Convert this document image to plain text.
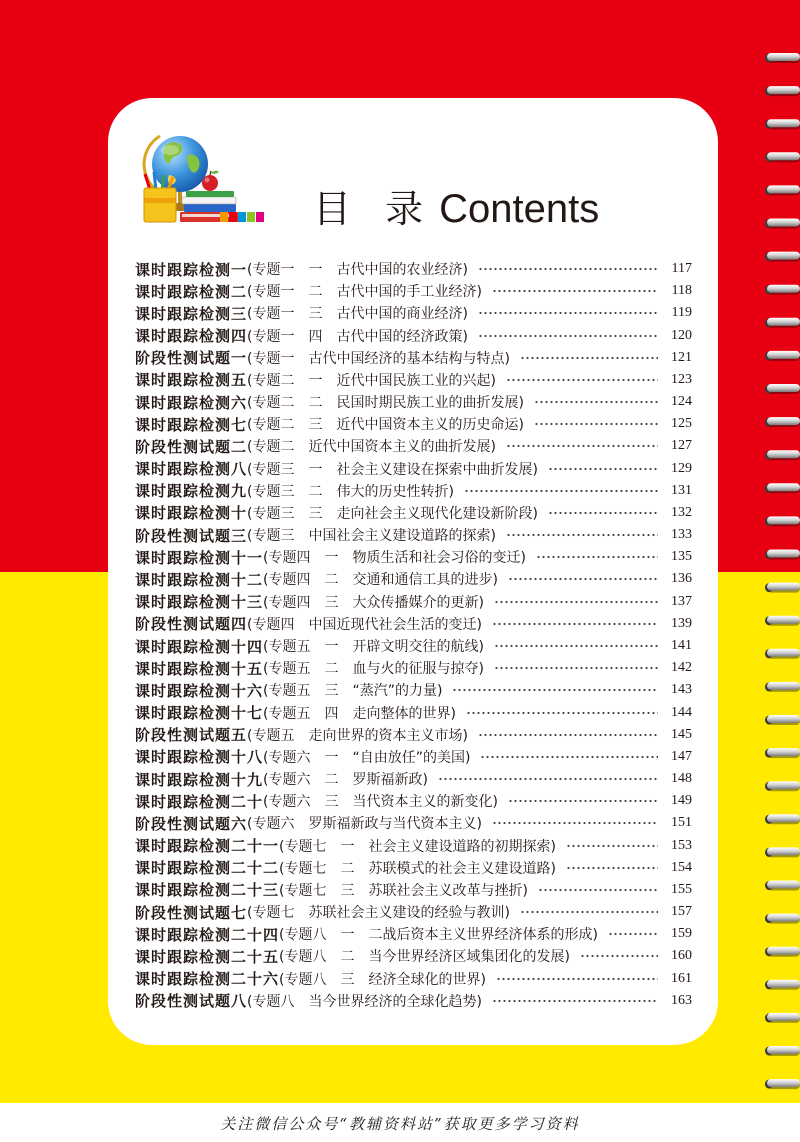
目 录 Contents
课时跟踪检测一 (专题一　一　古代中国的农业经济)	117
课时跟踪检测二 (专题一　二　古代中国的手工业经济)	118
课时跟踪检测三 (专题一　三　古代中国的商业经济)	119
课时跟踪检测四 (专题一　四　古代中国的经济政策)	120
阶段性测试题一 (专题一　古代中国经济的基本结构与特点)	121
课时跟踪检测五 (专题二　一　近代中国民族工业的兴起)	123
课时跟踪检测六 (专题二　二　民国时期民族工业的曲折发展)	124
课时跟踪检测七 (专题二　三　近代中国资本主义的历史命运)	125
阶段性测试题二 (专题二　近代中国资本主义的曲折发展)	127
课时跟踪检测八 (专题三　一　社会主义建设在探索中曲折发展)	129
课时跟踪检测九 (专题三　二　伟大的历史性转折)	131
课时跟踪检测十 (专题三　三　走向社会主义现代化建设新阶段)	132
阶段性测试题三 (专题三　中国社会主义建设道路的探索)	133
课时跟踪检测十一 (专题四　一　物质生活和社会习俗的变迁)	135
课时跟踪检测十二 (专题四　二　交通和通信工具的进步)	136
课时跟踪检测十三 (专题四　三　大众传播媒介的更新)	137
阶段性测试题四 (专题四　中国近现代社会生活的变迁)	139
课时跟踪检测十四 (专题五　一　开辟文明交往的航线)	141
课时跟踪检测十五 (专题五　二　血与火的征服与掠夺)	142
课时跟踪检测十六 (专题五　三　“蒸汽”的力量)	143
课时跟踪检测十七 (专题五　四　走向整体的世界)	144
阶段性测试题五 (专题五　走向世界的资本主义市场)	145
课时跟踪检测十八 (专题六　一　“自由放任”的美国)	147
课时跟踪检测十九 (专题六　二　罗斯福新政)	148
课时跟踪检测二十 (专题六　三　当代资本主义的新变化)	149
阶段性测试题六 (专题六　罗斯福新政与当代资本主义)	151
课时跟踪检测二十一 (专题七　一　社会主义建设道路的初期探索)	153
课时跟踪检测二十二 (专题七　二　苏联模式的社会主义建设道路)	154
课时跟踪检测二十三 (专题七　三　苏联社会主义改革与挫折)	155
阶段性测试题七 (专题七　苏联社会主义建设的经验与教训)	157
课时跟踪检测二十四 (专题八　一　二战后资本主义世界经济体系的形成)	159
课时跟踪检测二十五 (专题八　二　当今世界经济区域集团化的发展)	160
课时跟踪检测二十六 (专题八　三　经济全球化的世界)	161
阶段性测试题八 (专题八　当今世界经济的全球化趋势)	163
关注微信公众号“教辅资料站”获取更多学习资料
